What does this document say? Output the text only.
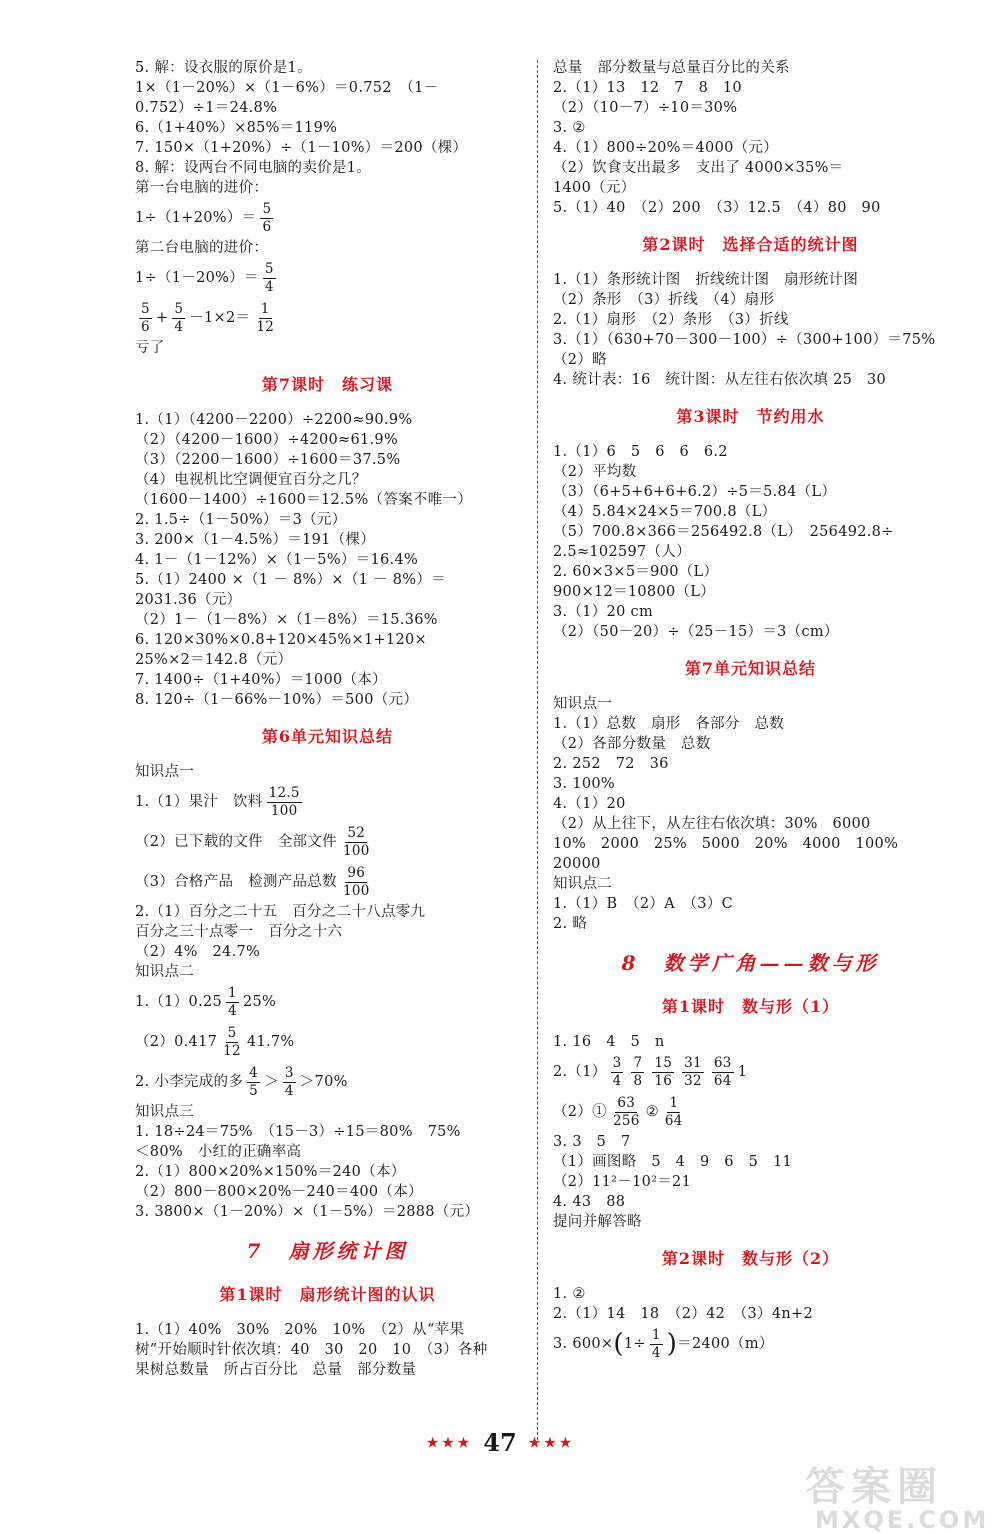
5. 解：设衣服的原价是1。
1×（1－20%）×（1－6%）＝0.752　（1－
0.752）÷1＝24.8%
6.（1+40%）×85%＝119%
7. 150×（1+20%）÷（1－10%）＝200（棵）
8. 解：设两台不同电脑的卖价是1。
第一台电脑的进价：
$1\div(1+20\%)= \frac{5}{6}$
第二台电脑的进价：
$1\div(1-20\%)= \frac{5}{4}$
$\frac{5}{6} + \frac{5}{4} -1\times 2= \frac{1}{12}$
亏了
第7课时　练习课
1.（1）（4200－2200）÷2200≈90.9%
（2）（4200－1600）÷4200≈61.9%
（3）（2200－1600）÷1600＝37.5%
（4）电视机比空调便宜百分之几？
（1600－1400）÷1600＝12.5%（答案不唯一）
2. 1.5÷（1－50%）＝3（元）
3. 200×（1－4.5%）＝191（棵）
4. 1－（1－12%）×（1－5%）＝16.4%
5.（1）2400 ×（1 － 8%）×（1 － 8%）＝
2031.36（元）
（2）1－（1－8%）×（1－8%）＝15.36%
6. 120×30%×0.8+120×45%×1+120×
25%×2＝142.8（元）
7. 1400÷（1+40%）＝1000（本）
8. 120÷（1－66%－10%）＝500（元）
第6单元知识总结
知识点一
1.（1）果汁　饮料 $\frac{12.5}{100}$
（2）已下载的文件　全部文件 $\frac{52}{100}$
（3）合格产品　检测产品总数 $\frac{96}{100}$
2.（1）百分之二十五　百分之二十八点零九
百分之三十点零一　百分之十六
（2）4%　24.7%
知识点二
$1.(1)0.25 \frac{1}{4} 25\%$
$(2)0.417 \frac{5}{12} 41.7\%$
2. 小李完成的多 $\frac{4}{5} > \frac{3}{4} >70\%$
知识点三
1. 18÷24＝75%　（15－3）÷15＝80%　75%
＜80%　小红的正确率高
2.（1）800×20%×150%＝240（本）
（2）800－800×20%－240＝400（本）
3. 3800×（1－20%）×（1－5%）＝2888（元）
7　扇形统计图
第1课时　扇形统计图的认识
1.（1）40%　30%　20%　10%　（2）从“苹果
树”开始顺时针依次填：40　30　20　10　（3）各种
果树总数量　所占百分比　总量　部分数量
总量　部分数量与总量百分比的关系
2.（1）13　12　7　8　10
（2）（10－7）÷10＝30%
3. ②
4.（1）800÷20%＝4000（元）
（2）饮食支出最多　支出了 4000×35%＝
1400（元）
5.（1）40　（2）200　（3）12.5　（4）80　90
第2课时　选择合适的统计图
1.（1）条形统计图　折线统计图　扇形统计图
（2）条形　（3）折线　（4）扇形
2.（1）扇形　（2）条形　（3）折线
3.（1）（630+70－300－100）÷（300+100）＝75%
（2）略
4. 统计表：16　统计图：从左往右依次填 25　30
第3课时　节约用水
1.（1）6　5　6　6　6.2
（2）平均数
（3）（6+5+6+6+6.2）÷5＝5.84（L）
（4）5.84×24×5＝700.8（L）
（5）700.8×366＝256492.8（L）　256492.8÷
2.5≈102597（人）
2. 60×3×5＝900（L）
900×12＝10800（L）
3.（1）20 cm
（2）（50－20）÷（25－15）＝3（cm）
第7单元知识总结
知识点一
1.（1）总数　扇形　各部分　总数
（2）各部分数量　总数
2. 252　72　36
3. 100%
4.（1）20
（2）从上往下，从左往右依次填：30%　6000
10%　2000　25%　5000　20%　4000　100%
20000
知识点二
1.（1）B　（2）A　（3）C
2. 略
8　数学广角——数与形
第1课时　数与形（1）
1. 16　4　5　n
$2.(1) \frac{3}{4} \frac{7}{8} \frac{15}{16} \frac{31}{32} \frac{63}{64} 1$
（2）① $\frac{63}{256}$ ② $\frac{1}{64}$
3. 3　5　7
（1）画图略　5　4　9　6　5　11
（2）11²－10²＝21
4. 43　88
提问并解答略
第2课时　数与形（2）
1. ②
2.（1）14　18　（2）42　（3）4n+2
3. 600× ( $1\div \frac{1}{4}$ ) ＝2400（m）
★★★ 47 ★★★
答案圈
MXQE.COM
